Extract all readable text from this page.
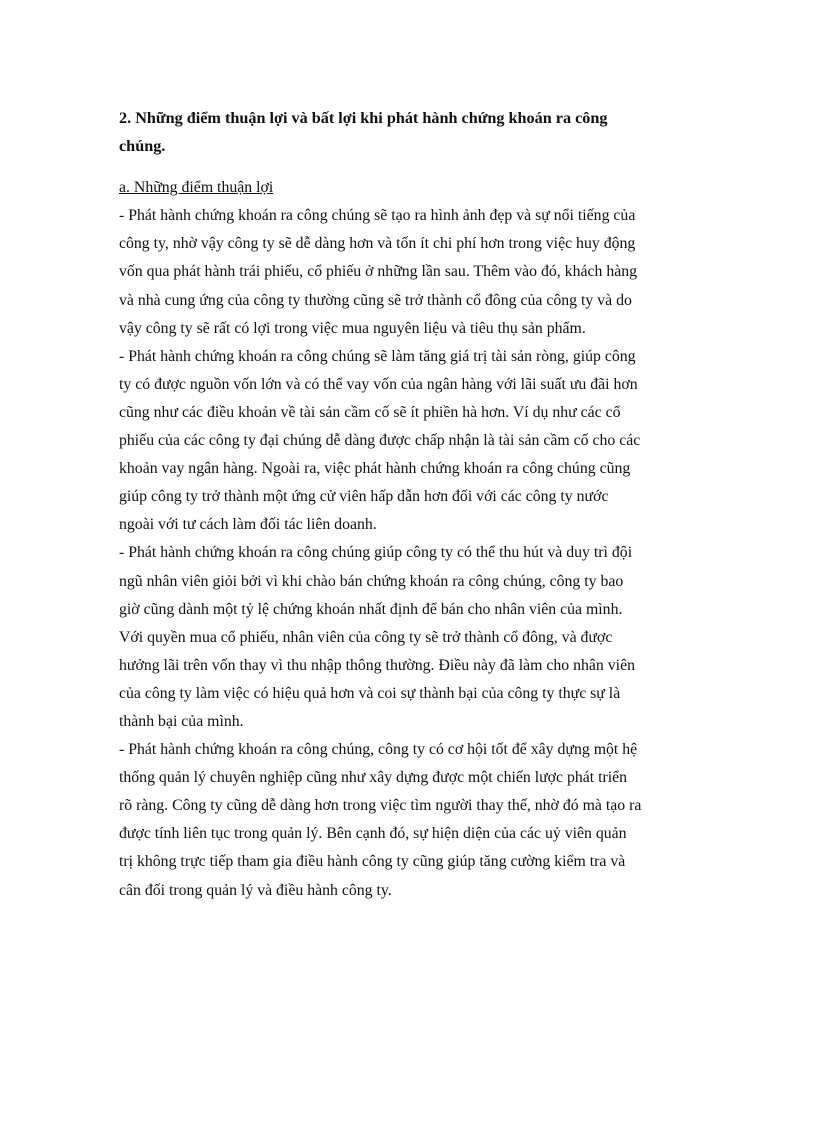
2. Những điểm thuận lợi và bất lợi khi phát hành chứng khoán ra công
chúng.
a. Những điểm thuận lợi
- Phát hành chứng khoán ra công chúng sẽ tạo ra hình ảnh đẹp và sự nổi tiếng của
công ty, nhờ vậy công ty sẽ dễ dàng hơn và tốn ít chi phí hơn trong việc huy động
vốn qua phát hành trái phiếu, cổ phiếu ở những lần sau. Thêm vào đó, khách hàng
và nhà cung ứng của công ty thường cũng sẽ trở thành cổ đông của công ty và do
vậy công ty sẽ rất có lợi trong việc mua nguyên liệu và tiêu thụ sản phẩm.
- Phát hành chứng khoán ra công chúng sẽ làm tăng giá trị tài sản ròng, giúp công
ty có được nguồn vốn lớn và có thể vay vốn của ngân hàng với lãi suất ưu đãi hơn
cũng như các điều khoản về tài sản cầm cố sẽ ít phiền hà hơn. Ví dụ như các cổ
phiếu của các công ty đại chúng dễ dàng được chấp nhận là tài sản cầm cố cho các
khoản vay ngân hàng. Ngoài ra, việc phát hành chứng khoán ra công chúng cũng
giúp công ty trở thành một ứng cử viên hấp dẫn hơn đối với các công ty nước
ngoài với tư cách làm đối tác liên doanh.
- Phát hành chứng khoán ra công chúng giúp công ty có thể thu hút và duy trì đội
ngũ nhân viên giỏi bởi vì khi chào bán chứng khoán ra công chúng, công ty bao
giờ cũng dành một tỷ lệ chứng khoán nhất định để bán cho nhân viên của mình.
Với quyền mua cổ phiếu, nhân viên của công ty sẽ trở thành cổ đông, và được
hưởng lãi trên vốn thay vì thu nhập thông thường. Điều này đã làm cho nhân viên
của công ty làm việc có hiệu quả hơn và coi sự thành bại của công ty thực sự là
thành bại của mình.
- Phát hành chứng khoán ra công chúng, công ty có cơ hội tốt để xây dựng một hệ
thống quản lý chuyên nghiệp cũng như xây dựng được một chiến lược phát triển
rõ ràng. Công ty cũng dễ dàng hơn trong việc tìm người thay thế, nhờ đó mà tạo ra
được tính liên tục trong quản lý. Bên cạnh đó, sự hiện diện của các uỷ viên quản
trị không trực tiếp tham gia điều hành công ty cũng giúp tăng cường kiểm tra và
cân đối trong quản lý và điều hành công ty.
